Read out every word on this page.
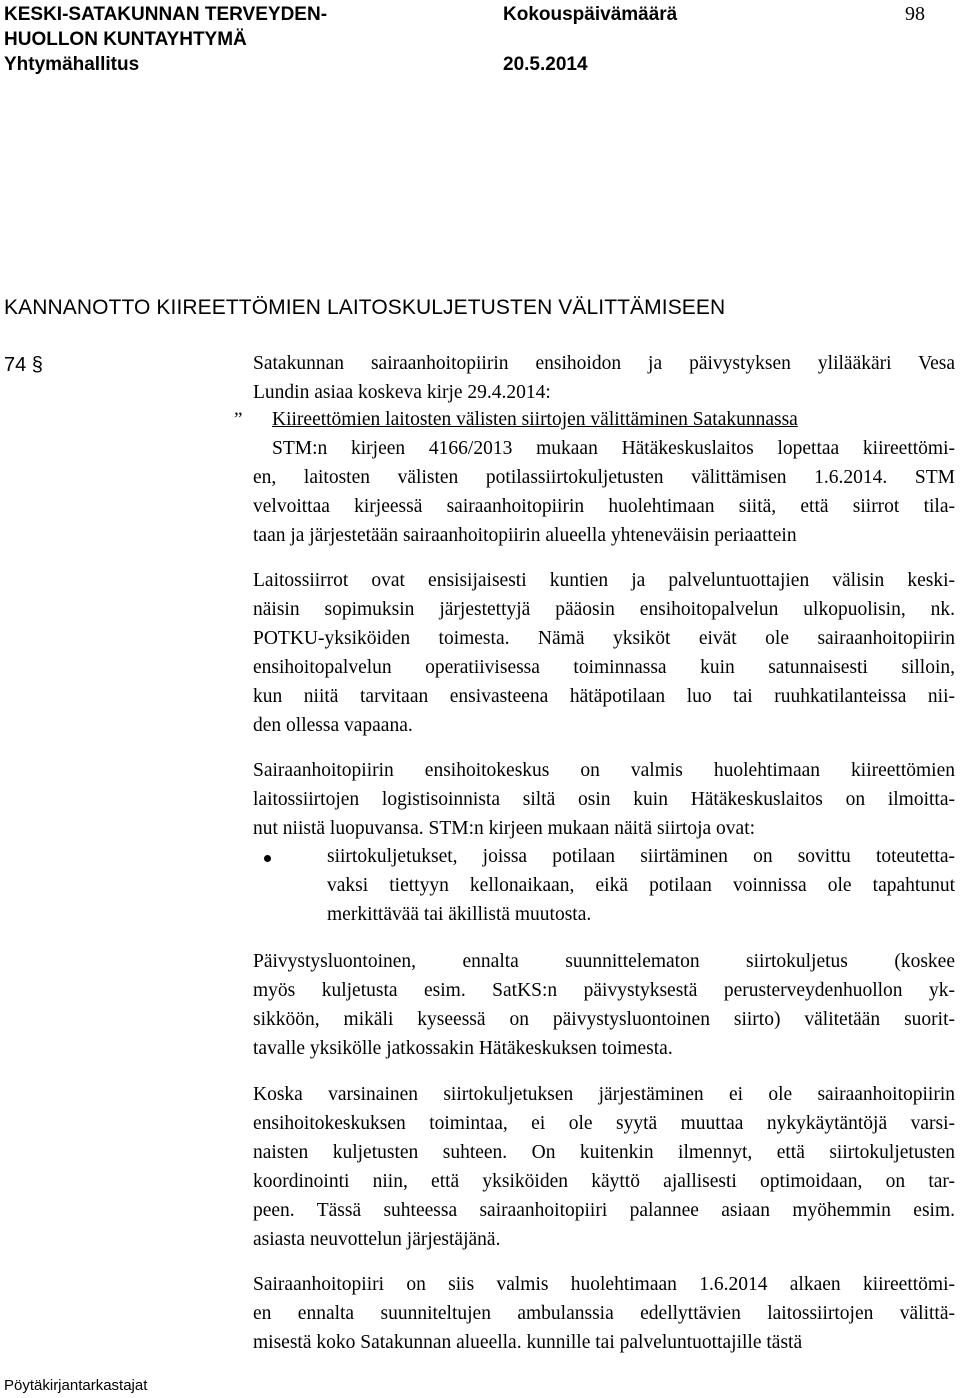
KESKI-SATAKUNNAN TERVEYDEN-
HUOLLON KUNTAYHTYMÄ
Yhtymähallitus
Kokouspäivämäärä
20.5.2014
98
KANNANOTTO KIIREETTÖMIEN LAITOSKULJETUSTEN VÄLITTÄMISEEN
74 §	Satakunnan sairaanhoitopiirin ensihoidon ja päivystyksen ylilääkäri Vesa
Lundin asiaa koskeva kirje 29.4.2014:
” Kiireettömien laitosten välisten siirtojen välittäminen Satakunnassa
STM:n kirjeen 4166/2013 mukaan Hätäkeskuslaitos lopettaa kiireettömi-
en, laitosten välisten potilassiirtokuljetusten välittämisen 1.6.2014. STM
velvoittaa kirjeessä sairaanhoitopiirin huolehtimaan siitä, että siirrot tila-
taan ja järjestetään sairaanhoitopiirin alueella yhteneväisin periaattein
Laitossiirrot ovat ensisijaisesti kuntien ja palveluntuottajien välisin keski-
näisin sopimuksin järjestettyjä pääosin ensihoitopalvelun ulkopuolisin, nk.
POTKU-yksiköiden toimesta. Nämä yksiköt eivät ole sairaanhoitopiirin
ensihoitopalvelun operatiivisessa toiminnassa kuin satunnaisesti silloin,
kun niitä tarvitaan ensivasteena hätäpotilaan luo tai ruuhkatilanteissa nii-
den ollessa vapaana.
Sairaanhoitopiirin ensihoitokeskus on valmis huolehtimaan kiireettömien
laitossiirtojen logistisoinnista siltä osin kuin Hätäkeskuslaitos on ilmoitta-
nut niistä luopuvansa. STM:n kirjeen mukaan näitä siirtoja ovat:
siirtokuljetukset, joissa potilaan siirtäminen on sovittu toteutetta-
vaksi tiettyyn kellonaikaan, eikä potilaan voinnissa ole tapahtunut
merkittävää tai äkillistä muutosta.
Päivystysluontoinen, ennalta suunnittelematon siirtokuljetus (koskee
myös kuljetusta esim. SatKS:n päivystyksestä perusterveydenhuollon yk-
sikköön, mikäli kyseessä on päivystysluontoinen siirto) välitetään suorit-
tavalle yksikölle jatkossakin Hätäkeskuksen toimesta.
Koska varsinainen siirtokuljetuksen järjestäminen ei ole sairaanhoitopiirin
ensihoitokeskuksen toimintaa, ei ole syytä muuttaa nykykäytäntöjä varsi-
naisten kuljetusten suhteen. On kuitenkin ilmennyt, että siirtokuljetusten
koordinointi niin, että yksiköiden käyttö ajallisesti optimoidaan, on tar-
peen. Tässä suhteessa sairaanhoitopiiri palannee asiaan myöhemmin esim.
asiasta neuvottelun järjestäjänä.
Sairaanhoitopiiri on siis valmis huolehtimaan 1.6.2014 alkaen kiireettömi-
en ennalta suunniteltujen ambulanssia edellyttävien laitossiirtojen välittä-
misestä koko Satakunnan alueella. kunnille tai palveluntuottajille tästä
Pöytäkirjantarkastajat
